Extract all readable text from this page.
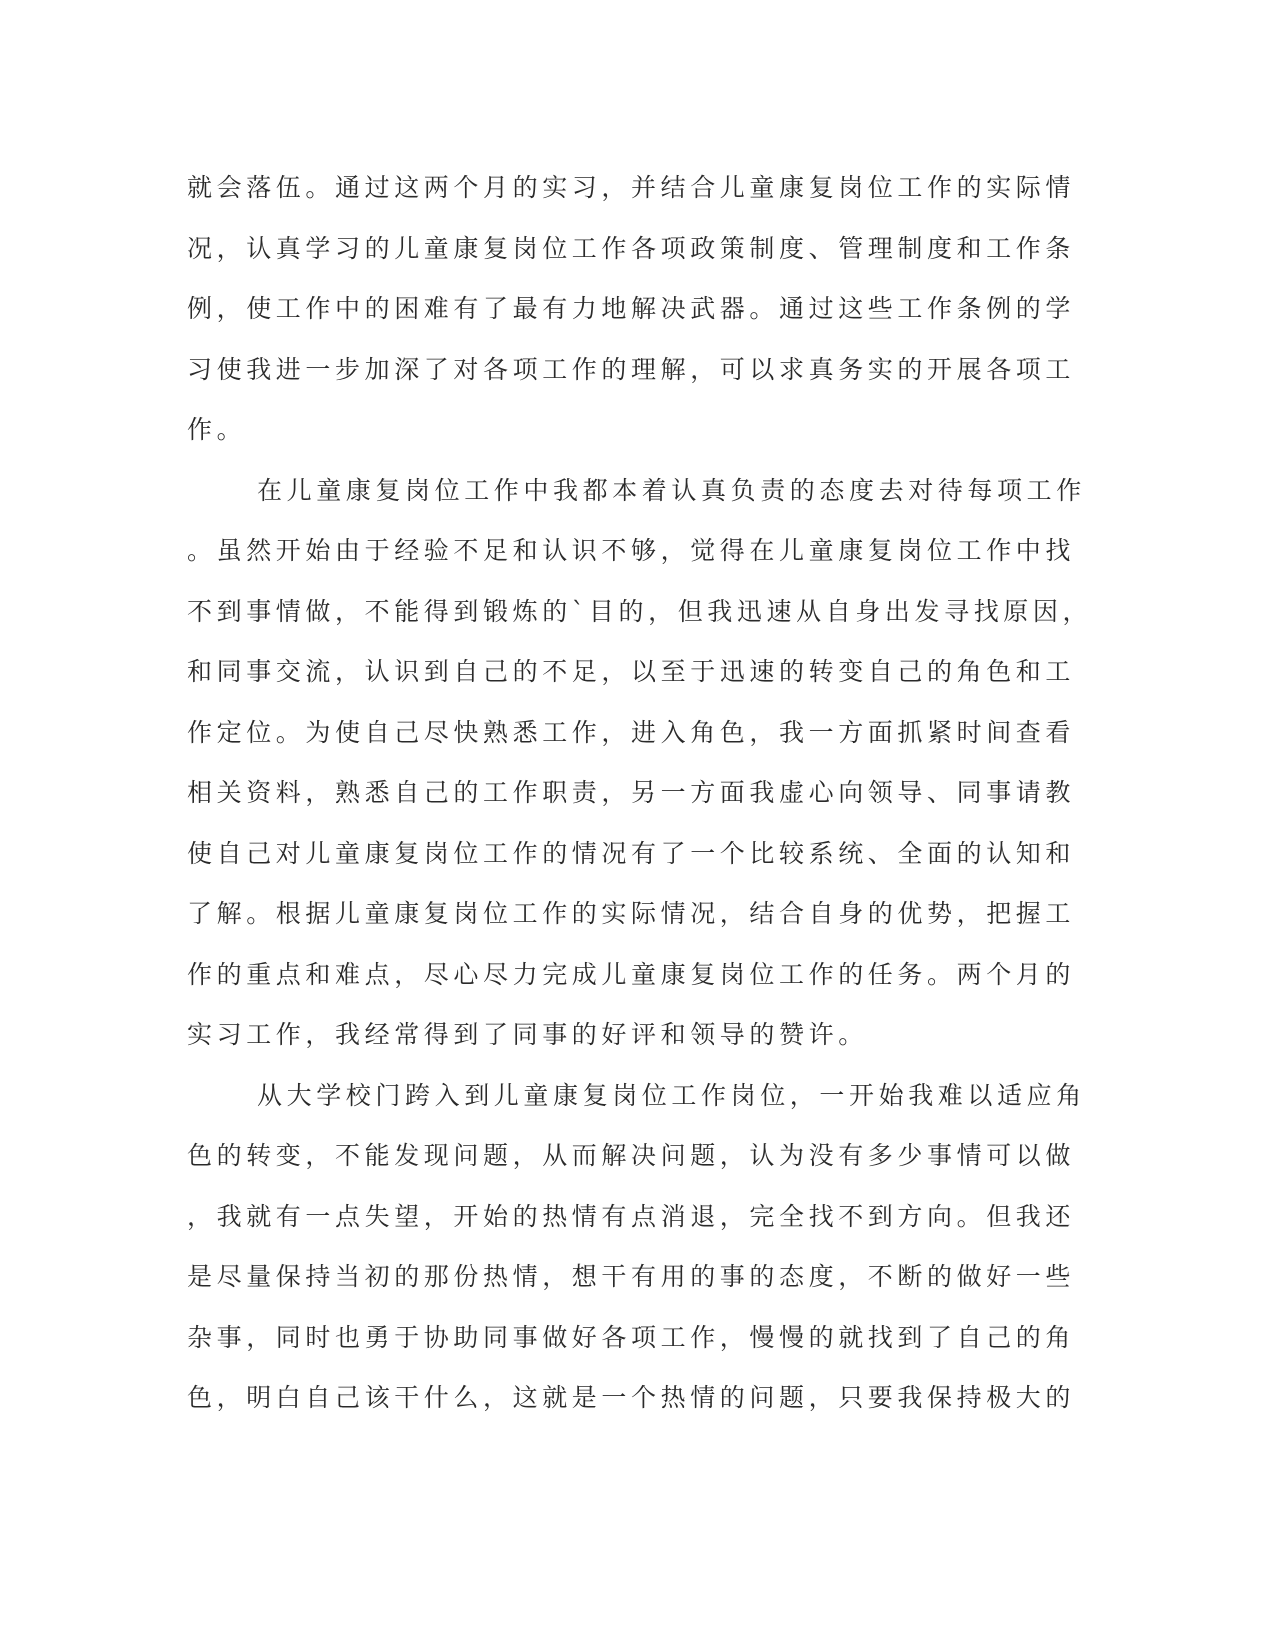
就会落伍。通过这两个月的实习，并结合儿童康复岗位工作的实际情
况，认真学习的儿童康复岗位工作各项政策制度、管理制度和工作条
例，使工作中的困难有了最有力地解决武器。通过这些工作条例的学
习使我进一步加深了对各项工作的理解，可以求真务实的开展各项工
作。
在儿童康复岗位工作中我都本着认真负责的态度去对待每项工作
。虽然开始由于经验不足和认识不够，觉得在儿童康复岗位工作中找
不到事情做，不能得到锻炼的`目的，但我迅速从自身出发寻找原因，
和同事交流，认识到自己的不足，以至于迅速的转变自己的角色和工
作定位。为使自己尽快熟悉工作，进入角色，我一方面抓紧时间查看
相关资料，熟悉自己的工作职责，另一方面我虚心向领导、同事请教
使自己对儿童康复岗位工作的情况有了一个比较系统、全面的认知和
了解。根据儿童康复岗位工作的实际情况，结合自身的优势，把握工
作的重点和难点，尽心尽力完成儿童康复岗位工作的任务。两个月的
实习工作，我经常得到了同事的好评和领导的赞许。
从大学校门跨入到儿童康复岗位工作岗位，一开始我难以适应角
色的转变，不能发现问题，从而解决问题，认为没有多少事情可以做
，我就有一点失望，开始的热情有点消退，完全找不到方向。但我还
是尽量保持当初的那份热情，想干有用的事的态度，不断的做好一些
杂事，同时也勇于协助同事做好各项工作，慢慢的就找到了自己的角
色，明白自己该干什么，这就是一个热情的问题，只要我保持极大的
